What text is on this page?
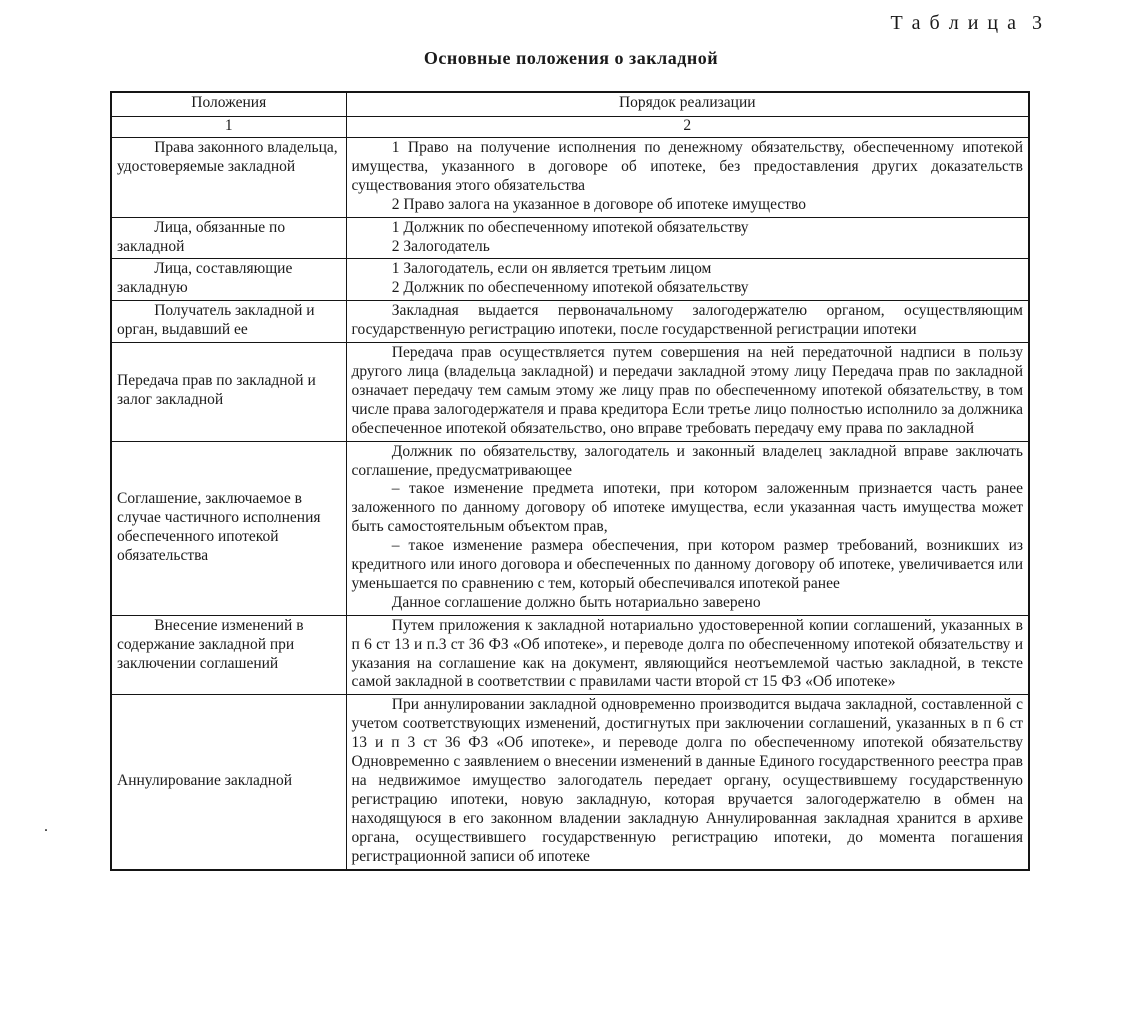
Т а б л и ц а  3
Основные положения о закладной
.
Положения	Порядок реализации
1	2
Права законного владельца, удостоверяемые закладной	1 Право на получение исполнения по денежному обязательству, обеспеченному ипотекой имущества, указанного в договоре об ипотеке, без предоставления других доказательств существования этого обязательства

2 Право залога на указанное в договоре об ипотеке имущество

Лица, обязанные по закладной	1 Должник по обеспеченному ипотекой обязательству

2 Залогодатель

Лица, составляющие закладную	1 Залогодатель, если он является третьим лицом

2 Должник по обеспеченному ипотекой обязательству

Получатель закладной и орган, выдавший ее	Закладная выдается первоначальному залогодержателю органом, осуществляющим государственную регистрацию ипотеки, после государственной регистрации ипотеки

Передача прав по закладной и залог закладной	Передача прав осуществляется путем совершения на ней передаточной надписи в пользу другого лица (владельца закладной) и передачи закладной этому лицу Передача прав по закладной означает передачу тем самым этому же лицу прав по обеспеченному ипотекой обязательству, в том числе права залогодержателя и права кредитора Если третье лицо полностью исполнило за должника обеспеченное ипотекой обязательство, оно вправе требовать передачу ему права по закладной

Соглашение, заключаемое в случае частичного исполнения обеспеченного ипотекой обязательства	Должник по обязательству, залогодатель и законный владелец закладной вправе заключать соглашение, предусматривающее

– такое изменение предмета ипотеки, при котором заложенным признается часть ранее заложенного по данному договору об ипотеке имущества, если указанная часть имущества может быть самостоятельным объектом прав,

– такое изменение размера обеспечения, при котором размер требований, возникших из кредитного или иного договора и обеспеченных по данному договору об ипотеке, увеличивается или уменьшается по сравнению с тем, который обеспечивался ипотекой ранее

Данное соглашение должно быть нотариально заверено

Внесение изменений в содержание закладной при заключении соглашений	Путем приложения к закладной нотариально удостоверенной копии соглашений, указанных в п 6 ст 13 и п.3 ст 36 ФЗ «Об ипотеке», и переводе долга по обеспеченному ипотекой обязательству и указания на соглашение как на документ, являющийся неотъемлемой частью закладной, в тексте самой закладной в соответствии с правилами части второй ст 15 ФЗ «Об ипотеке»

Аннулирование закладной	При аннулировании закладной одновременно производится выдача закладной, составленной с учетом соответствующих изменений, достигнутых при заключении соглашений, указанных в п 6 ст 13 и п 3 ст 36 ФЗ «Об ипотеке», и переводе долга по обеспеченному ипотекой обязательству Одновременно с заявлением о внесении изменений в данные Единого государственного реестра прав на недвижимое имущество залогодатель передает органу, осуществившему государственную регистрацию ипотеки, новую закладную, которая вручается залогодержателю в обмен на находящуюся в его законном владении закладную Аннулированная закладная хранится в архиве органа, осуществившего государственную регистрацию ипотеки, до момента погашения регистрационной записи об ипотеке
